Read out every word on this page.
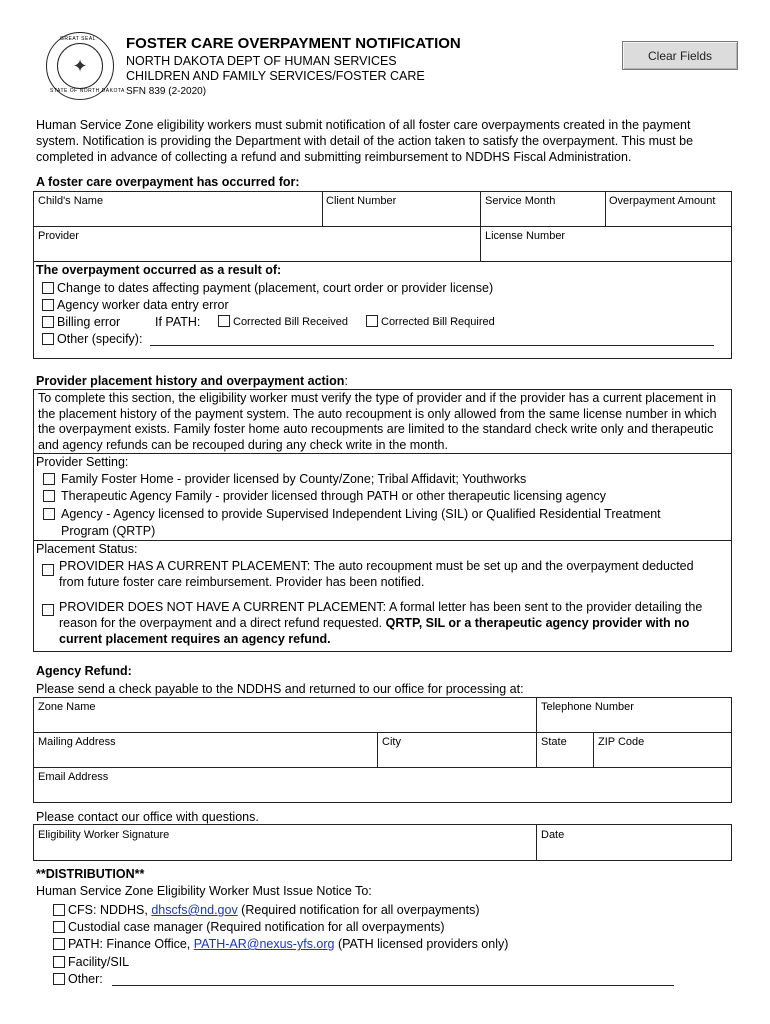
✦
GREAT SEAL
STATE OF NORTH DAKOTA
FOSTER CARE OVERPAYMENT NOTIFICATION
NORTH DAKOTA DEPT OF HUMAN SERVICES
CHILDREN AND FAMILY SERVICES/FOSTER CARE
SFN 839 (2-2020)
Clear Fields
Human Service Zone eligibility workers must submit notification of all foster care overpayments created in the payment system. Notification is providing the Department with detail of the action taken to satisfy the overpayment. This must be completed in advance of collecting a refund and submitting reimbursement to NDDHS Fiscal Administration.
A foster care overpayment has occurred for:
Child's Name	Client Number	Service Month	Overpayment Amount
Provider	License Number
The overpayment occurred as a result of:
Change to dates affecting payment (placement, court order or provider license)
Agency worker data entry error
Billing error	If PATH:	Corrected Bill Received	Corrected Bill Required
Other (specify):
Provider placement history and overpayment action:
To complete this section, the eligibility worker must verify the type of provider and if the provider has a current placement in the placement history of the payment system. The auto recoupment is only allowed from the same license number in which the overpayment exists. Family foster home auto recoupments are limited to the standard check write only and therapeutic and agency refunds can be recouped during any check write in the month.
Provider Setting:
Family Foster Home - provider licensed by County/Zone; Tribal Affidavit; Youthworks
Therapeutic Agency Family - provider licensed through PATH or other therapeutic licensing agency
Agency - Agency licensed to provide Supervised Independent Living (SIL) or Qualified Residential Treatment
Program (QRTP)
Placement Status:
PROVIDER HAS A CURRENT PLACEMENT: The auto recoupment must be set up and the overpayment deducted
from future foster care reimbursement. Provider has been notified.
PROVIDER DOES NOT HAVE A CURRENT PLACEMENT: A formal letter has been sent to the provider detailing the
reason for the overpayment and a direct refund requested. QRTP, SIL or a therapeutic agency provider with no
current placement requires an agency refund.
Agency Refund:
Please send a check payable to the NDDHS and returned to our office for processing at:
Zone Name	Telephone Number
Mailing Address	City	State	ZIP Code
Email Address
Please contact our office with questions.
Eligibility Worker Signature	Date
**DISTRIBUTION**
Human Service Zone Eligibility Worker Must Issue Notice To:
CFS: NDDHS, dhscfs@nd.gov (Required notification for all overpayments)
Custodial case manager (Required notification for all overpayments)
PATH: Finance Office, PATH-AR@nexus-yfs.org (PATH licensed providers only)
Facility/SIL
Other:
